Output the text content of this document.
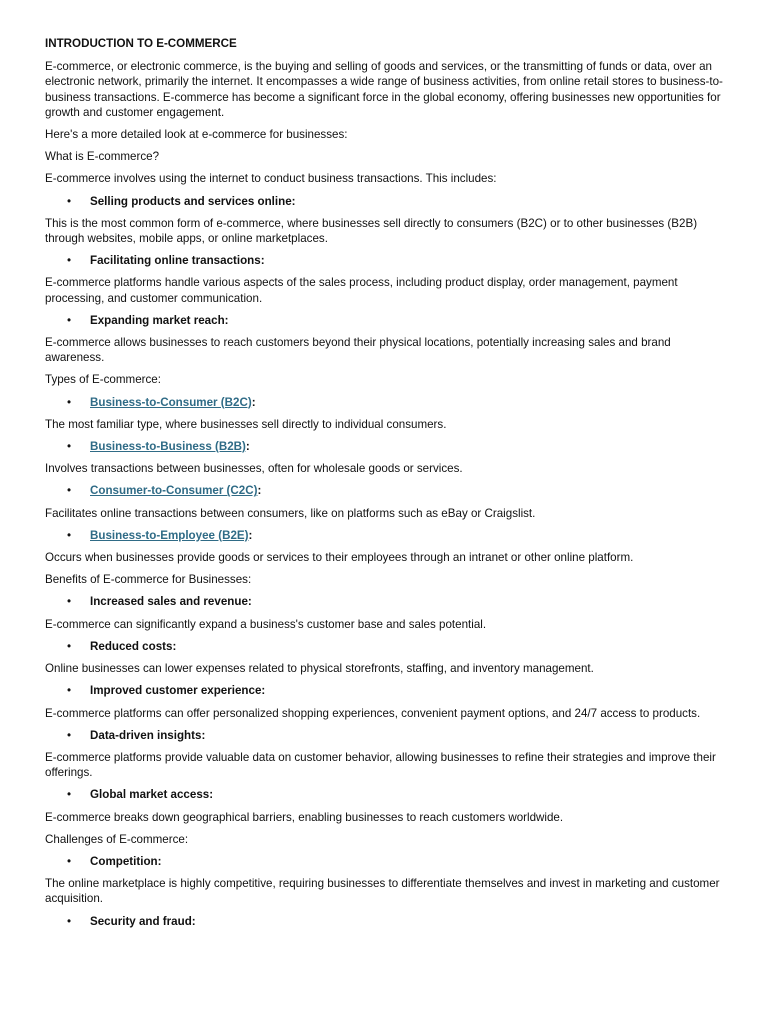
INTRODUCTION TO E-COMMERCE

E-commerce, or electronic commerce, is the buying and selling of goods and services, or the transmitting of funds or data, over an electronic network, primarily the internet. It encompasses a wide range of business activities, from online retail stores to business-to-business transactions. E-commerce has become a significant force in the global economy, offering businesses new opportunities for growth and customer engagement.

Here's a more detailed look at e-commerce for businesses:

What is E-commerce?

E-commerce involves using the internet to conduct business transactions. This includes:

• Selling products and services online:

This is the most common form of e-commerce, where businesses sell directly to consumers (B2C) or to other businesses (B2B) through websites, mobile apps, or online marketplaces.

• Facilitating online transactions:

E-commerce platforms handle various aspects of the sales process, including product display, order management, payment processing, and customer communication.

• Expanding market reach:

E-commerce allows businesses to reach customers beyond their physical locations, potentially increasing sales and brand awareness.

Types of E-commerce:

• Business-to-Consumer (B2C):

The most familiar type, where businesses sell directly to individual consumers.

• Business-to-Business (B2B):

Involves transactions between businesses, often for wholesale goods or services.

• Consumer-to-Consumer (C2C):

Facilitates online transactions between consumers, like on platforms such as eBay or Craigslist.

• Business-to-Employee (B2E):

Occurs when businesses provide goods or services to their employees through an intranet or other online platform.

Benefits of E-commerce for Businesses:

• Increased sales and revenue:

E-commerce can significantly expand a business's customer base and sales potential.

• Reduced costs:

Online businesses can lower expenses related to physical storefronts, staffing, and inventory management.

• Improved customer experience:

E-commerce platforms can offer personalized shopping experiences, convenient payment options, and 24/7 access to products.

• Data-driven insights:

E-commerce platforms provide valuable data on customer behavior, allowing businesses to refine their strategies and improve their offerings.

• Global market access:

E-commerce breaks down geographical barriers, enabling businesses to reach customers worldwide.

Challenges of E-commerce:

• Competition:

The online marketplace is highly competitive, requiring businesses to differentiate themselves and invest in marketing and customer acquisition.

• Security and fraud:
